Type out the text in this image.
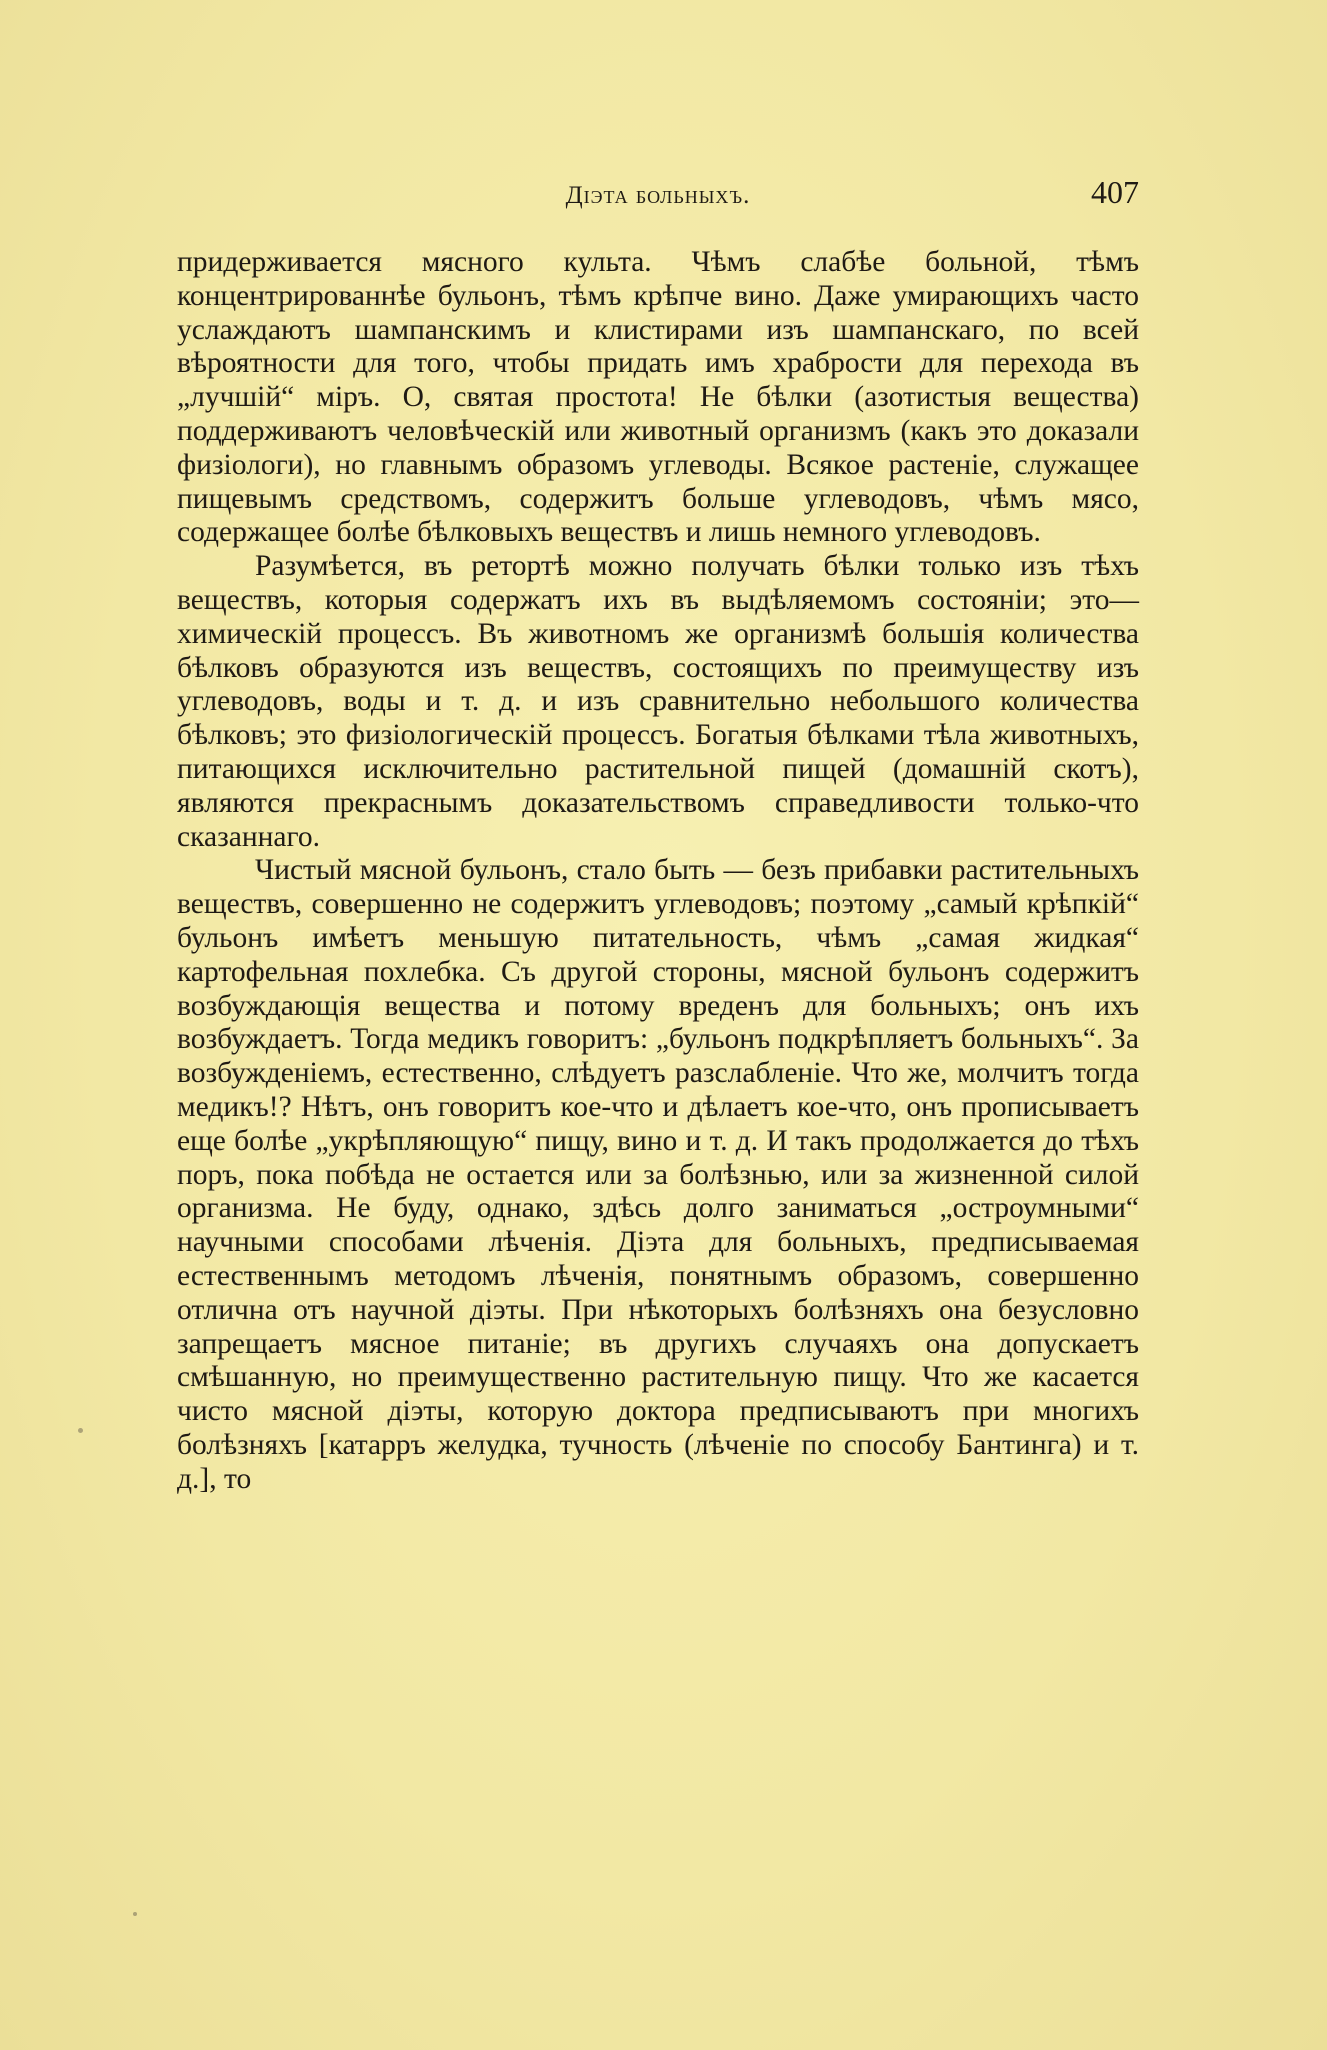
Діэта больныхъ.	407

придерживается мясного культа. Чѣмъ слабѣе больной, тѣмъ концентрированнѣе бульонъ, тѣмъ крѣпче вино. Даже умирающихъ часто услаждаютъ шампанскимъ и клистирами изъ шампанскаго, по всей вѣроятности для того, чтобы придать имъ храбрости для перехода въ „лучшій“ міръ. О, святая простота! Не бѣлки (азотистыя вещества) поддерживаютъ человѣческій или животный организмъ (какъ это доказали физіологи), но главнымъ образомъ углеводы. Всякое растеніе, служащее пищевымъ средствомъ, содержитъ больше углеводовъ, чѣмъ мясо, содержащее болѣе бѣлковыхъ веществъ и лишь немного углеводовъ.

Разумѣется, въ ретортѣ можно получать бѣлки только изъ тѣхъ веществъ, которыя содержатъ ихъ въ выдѣляемомъ состояніи; это—химическій процессъ. Въ животномъ же организмѣ большія количества бѣлковъ образуются изъ веществъ, состоящихъ по преимуществу изъ углеводовъ, воды и т. д. и изъ сравнительно небольшого количества бѣлковъ; это физіологическій процессъ. Богатыя бѣлками тѣла животныхъ, питающихся исключительно растительной пищей (домашній скотъ), являются прекраснымъ доказательствомъ справедливости только-что сказаннаго.

Чистый мясной бульонъ, стало быть — безъ прибавки растительныхъ веществъ, совершенно не содержитъ углеводовъ; поэтому „самый крѣпкій“ бульонъ имѣетъ меньшую питательность, чѣмъ „самая жидкая“ картофельная похлебка. Съ другой стороны, мясной бульонъ содержитъ возбуждающія вещества и потому вреденъ для больныхъ; онъ ихъ возбуждаетъ. Тогда медикъ говоритъ: „бульонъ подкрѣпляетъ больныхъ“. За возбужденіемъ, естественно, слѣдуетъ разслабленіе. Что же, молчитъ тогда медикъ!? Нѣтъ, онъ говоритъ кое-что и дѣлаетъ кое-что, онъ прописываетъ еще болѣе „укрѣпляющую“ пищу, вино и т. д. И такъ продолжается до тѣхъ поръ, пока побѣда не остается или за болѣзнью, или за жизненной силой организма. Не буду, однако, здѣсь долго заниматься „остроумными“ научными способами лѣченія. Діэта для больныхъ, предписываемая естественнымъ методомъ лѣченія, понятнымъ образомъ, совершенно отлична отъ научной діэты. При нѣкоторыхъ болѣзняхъ она безусловно запрещаетъ мясное питаніе; въ другихъ случаяхъ она допускаетъ смѣшанную, но преимущественно растительную пищу. Что же касается чисто мясной діэты, которую доктора предписываютъ при многихъ болѣзняхъ [катарръ желудка, тучность (лѣченіе по способу Бантинга) и т. д.], то
